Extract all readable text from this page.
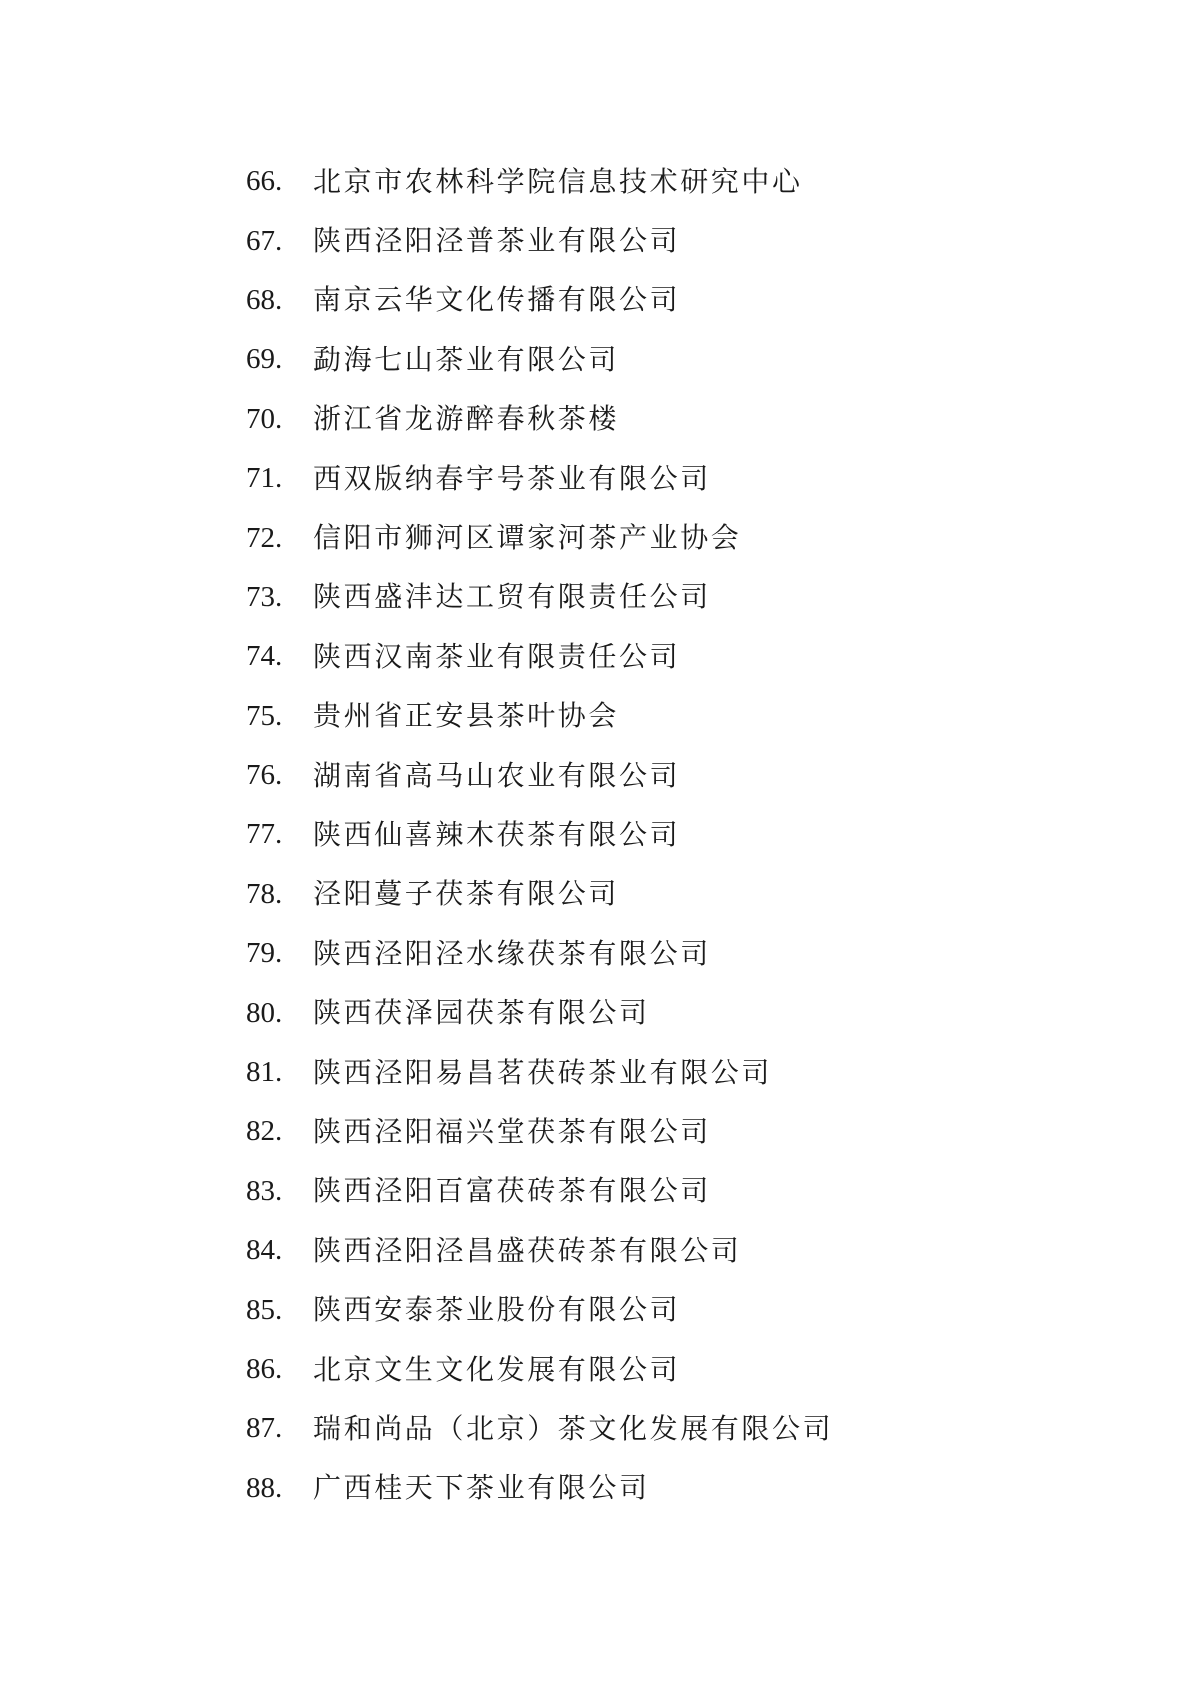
66.	北京市农林科学院信息技术研究中心
67.	陕西泾阳泾普茶业有限公司
68.	南京云华文化传播有限公司
69.	勐海七山茶业有限公司
70.	浙江省龙游醉春秋茶楼
71.	西双版纳春宇号茶业有限公司
72.	信阳市狮河区谭家河茶产业协会
73.	陕西盛沣达工贸有限责任公司
74.	陕西汉南茶业有限责任公司
75.	贵州省正安县茶叶协会
76.	湖南省高马山农业有限公司
77.	陕西仙喜辣木茯茶有限公司
78.	泾阳蔓子茯茶有限公司
79.	陕西泾阳泾水缘茯茶有限公司
80.	陕西茯泽园茯茶有限公司
81.	陕西泾阳易昌茗茯砖茶业有限公司
82.	陕西泾阳福兴堂茯茶有限公司
83.	陕西泾阳百富茯砖茶有限公司
84.	陕西泾阳泾昌盛茯砖茶有限公司
85.	陕西安泰茶业股份有限公司
86.	北京文生文化发展有限公司
87.	瑞和尚品（北京）茶文化发展有限公司
88.	广西桂天下茶业有限公司
